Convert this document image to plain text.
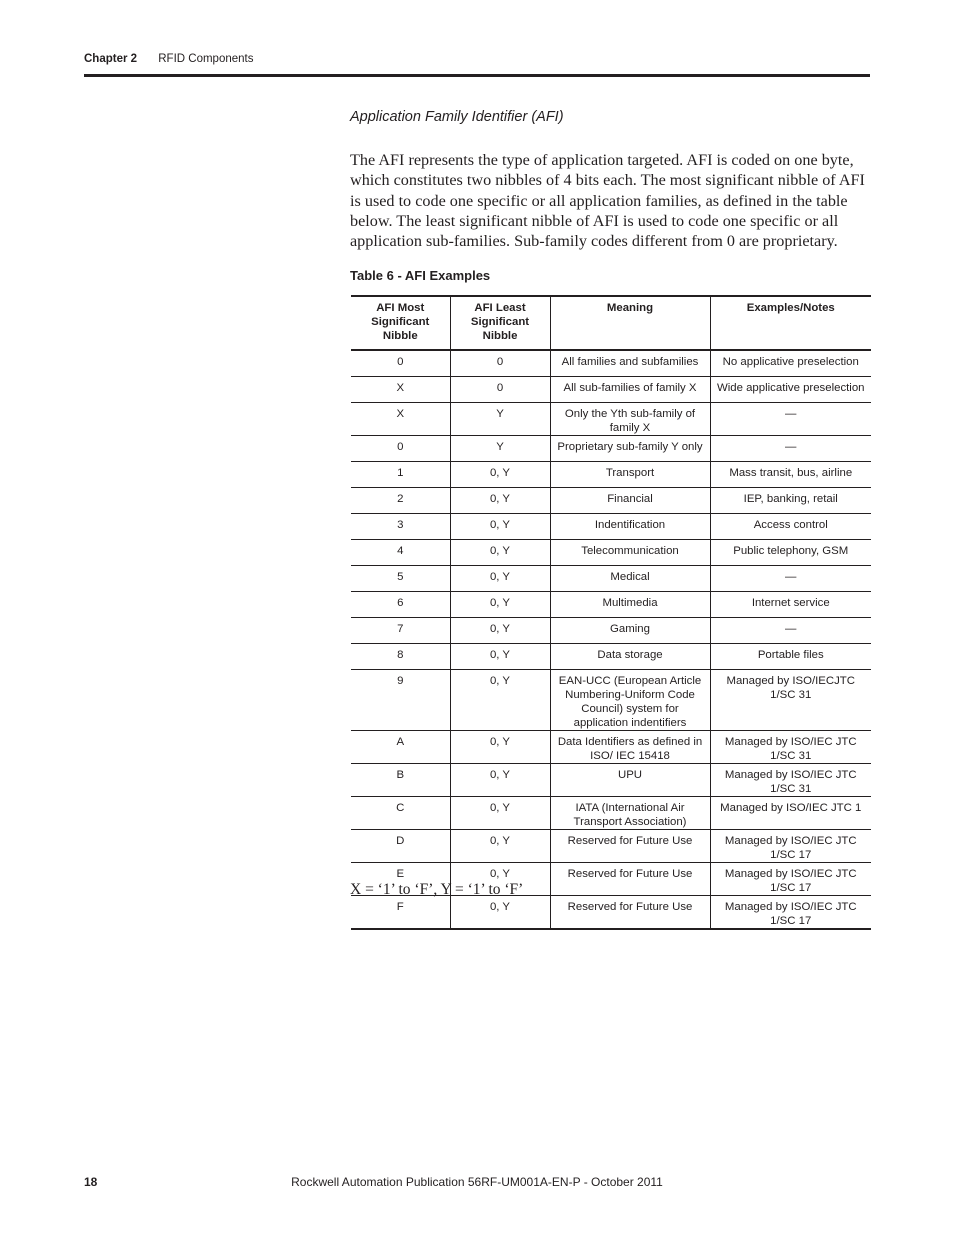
Chapter 2 RFID Components
Application Family Identifier (AFI)
The AFI represents the type of application targeted. AFI is coded on one byte, which constitutes two nibbles of 4 bits each. The most significant nibble of AFI is used to code one specific or all application families, as defined in the table below. The least significant nibble of AFI is used to code one specific or all application sub-families. Sub-family codes different from 0 are proprietary.
Table 6 - AFI Examples
AFI Most Significant Nibble	AFI Least Significant Nibble	Meaning	Examples/Notes
0	0	All families and subfamilies	No applicative preselection
X	0	All sub-families of family X	Wide applicative preselection
X	Y	Only the Yth sub-family of family X	—
0	Y	Proprietary sub-family Y only	—
1	0, Y	Transport	Mass transit, bus, airline
2	0, Y	Financial	IEP, banking, retail
3	0, Y	Indentification	Access control
4	0, Y	Telecommunication	Public telephony, GSM
5	0, Y	Medical	—
6	0, Y	Multimedia	Internet service
7	0, Y	Gaming	—
8	0, Y	Data storage	Portable files
9	0, Y	EAN-UCC (European Article Numbering-Uniform Code Council) system for application indentifiers	Managed by ISO/IECJTC 1/SC 31
A	0, Y	Data Identifiers as defined in ISO/ IEC 15418	Managed by ISO/IEC JTC 1/SC 31
B	0, Y	UPU	Managed by ISO/IEC JTC 1/SC 31
C	0, Y	IATA (International Air Transport Association)	Managed by ISO/IEC JTC 1
D	0, Y	Reserved for Future Use	Managed by ISO/IEC JTC 1/SC 17
E	0, Y	Reserved for Future Use	Managed by ISO/IEC JTC 1/SC 17
F	0, Y	Reserved for Future Use	Managed by ISO/IEC JTC 1/SC 17
X = ‘1’ to ‘F’, Y = ‘1’ to ‘F’
18	Rockwell Automation Publication 56RF-UM001A-EN-P - October 2011
